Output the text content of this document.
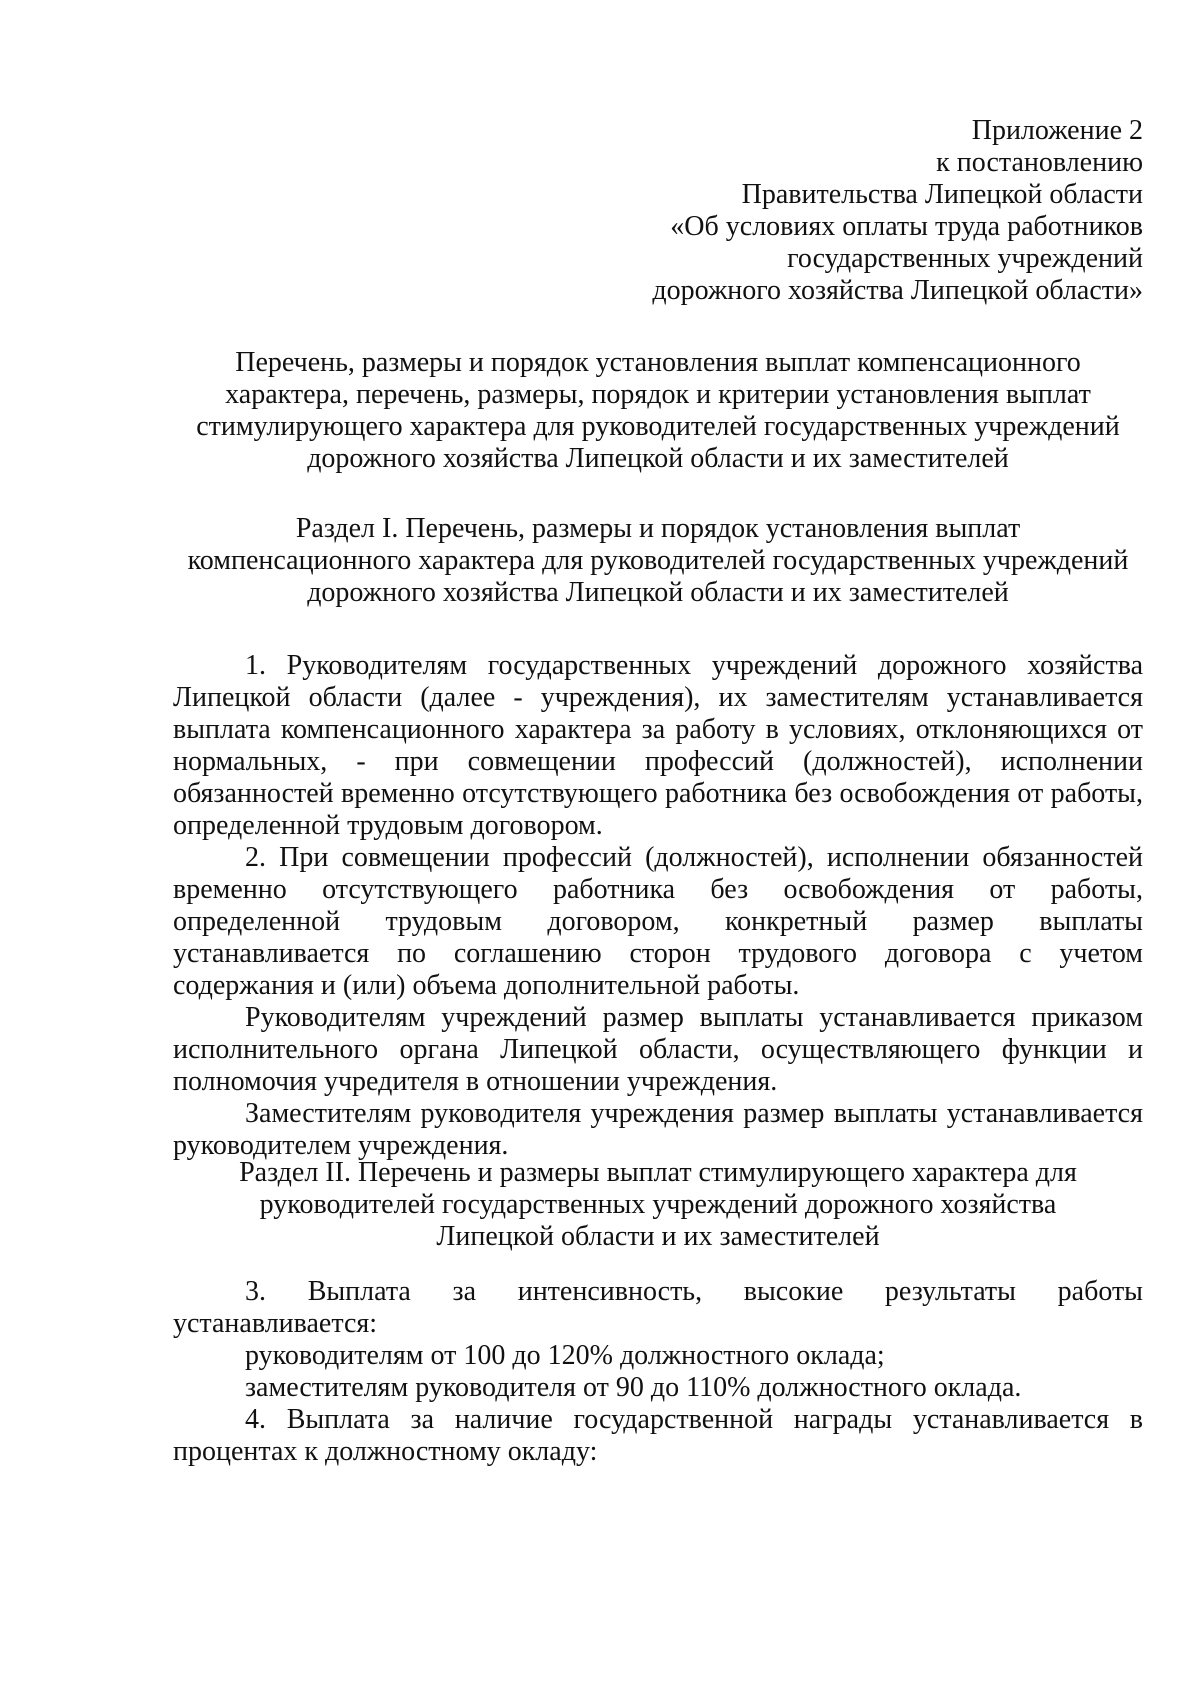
Приложение 2
к постановлению
Правительства Липецкой области
«Об условиях оплаты труда работников
государственных учреждений
дорожного хозяйства Липецкой области»
Перечень, размеры и порядок установления выплат компенсационного
характера, перечень, размеры, порядок и критерии установления выплат
стимулирующего характера для руководителей государственных учреждений
дорожного хозяйства Липецкой области и их заместителей
Раздел I. Перечень, размеры и порядок установления выплат
компенсационного характера для руководителей государственных учреждений
дорожного хозяйства Липецкой области и их заместителей

1. Руководителям государственных учреждений дорожного хозяйства Липецкой области (далее - учреждения), их заместителям устанавливается выплата компенсационного характера за работу в условиях, отклоняющихся от нормальных, - при совмещении профессий (должностей), исполнении обязанностей временно отсутствующего работника без освобождения от работы, определенной трудовым договором.

2. При совмещении профессий (должностей), исполнении обязанностей временно отсутствующего работника без освобождения от работы, определенной трудовым договором, конкретный размер выплаты устанавливается по соглашению сторон трудового договора с учетом содержания и (или) объема дополнительной работы.

Руководителям учреждений размер выплаты устанавливается приказом исполнительного органа Липецкой области, осуществляющего функции и полномочия учредителя в отношении учреждения.

Заместителям руководителя учреждения размер выплаты устанавливается руководителем учреждения.

Раздел II. Перечень и размеры выплат стимулирующего характера для
руководителей государственных учреждений дорожного хозяйства
Липецкой области и их заместителей

3. Выплата за интенсивность, высокие результаты работы устанавливается:

руководителям от 100 до 120% должностного оклада;

заместителям руководителя от 90 до 110% должностного оклада.

4. Выплата за наличие государственной награды устанавливается в процентах к должностному окладу:
